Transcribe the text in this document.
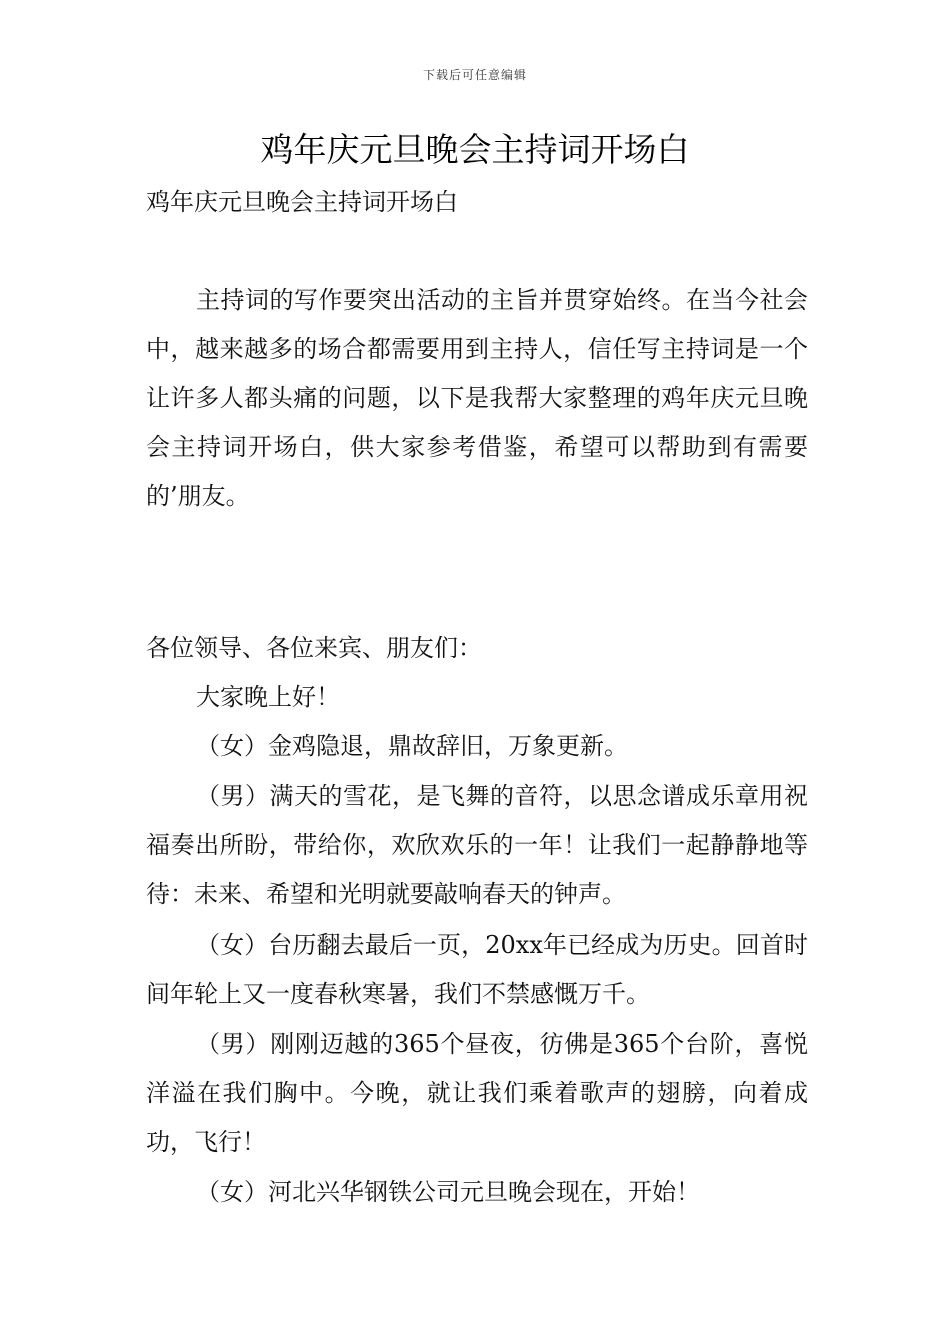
下载后可任意编辑
鸡年庆元旦晚会主持词开场白

鸡年庆元旦晚会主持词开场白

主持词的写作要突出活动的主旨并贯穿始终。在当今社会中，越来越多的场合都需要用到主持人，信任写主持词是一个让许多人都头痛的问题，以下是我帮大家整理的鸡年庆元旦晚会主持词开场白，供大家参考借鉴，希望可以帮助到有需要的’朋友。

各位领导、各位来宾、朋友们：

大家晚上好！

（女）金鸡隐退，鼎故辞旧，万象更新。

（男）满天的雪花，是飞舞的音符，以思念谱成乐章用祝福奏出所盼，带给你，欢欣欢乐的一年！让我们一起静静地等待：未来、希望和光明就要敲响春天的钟声。

（女）台历翻去最后一页，20xx年已经成为历史。回首时间年轮上又一度春秋寒暑，我们不禁感慨万千。

（男）刚刚迈越的365个昼夜，彷佛是365个台阶，喜悦洋溢在我们胸中。今晚，就让我们乘着歌声的翅膀，向着成功，飞行！

（女）河北兴华钢铁公司元旦晚会现在，开始！
